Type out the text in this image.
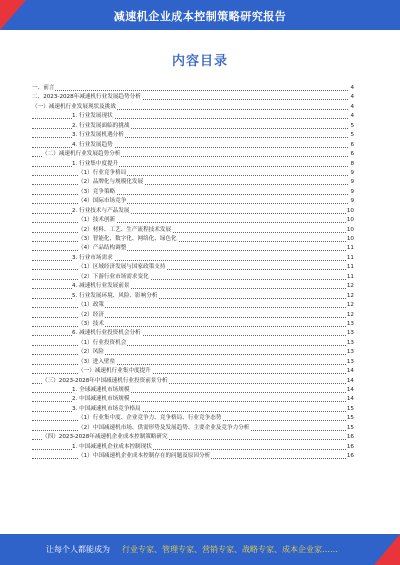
减速机企业成本控制策略研究报告
内容目录
一、前言	4
二、2023-2028年减速机行业发展趋势分析	4
（一）减速机行业发展现状及挑战	4
1. 行业发展现状	4
2. 行业发展面临的挑战	5
3. 行业发展机遇分析	5
4. 行业发展趋势	6
（二）减速机行业发展趋势分析	6
1. 行业集中度提升	8
（1）行业竞争格局	9
（2）品牌化与规模化发展	9
（3）竞争策略	9
（4）国际市场竞争	9
2. 行业技术与产品发展	10
（1）技术创新	10
（2）材料、工艺、生产流程技术发展	10
（3）智能化、数字化、网络化、绿色化	10
（4）产品结构调整	11
3. 行业市场需求	11
（1）区域经济发展与国家政策支持	11
（2）下游行业市场需求变化	11
4. 减速机行业发展前景	12
5. 行业发展环境、风险、影响分析	12
（1）政策	12
（2）经济	12
（3）技术	13
6. 减速机行业投资机会分析	13
（1）行业投资机会	13
（2）风险	13
（3）进入壁垒	13
（一）减速机行业集中度提升	14
（三）2023-2028年中国减速机行业投资前景分析	14
1. 全球减速机市场规模	14
2. 中国减速机市场规模	14
3. 中国减速机市场竞争格局	15
（1）行业集中度、企业竞争力、竞争格局、行业竞争态势	15
（2）中国减速机市场、供需形势及发展趋势、主要企业及竞争力分析	15
（四）2023-2028年减速机企业成本控制策略研究	16
1. 中国减速机企业成本控制现状	16
（1）中国减速机企业成本控制存在的问题及原因分析	16
让每个人都能成为 行业专家、管理专家、营销专家、战略专家、成本企业家……
